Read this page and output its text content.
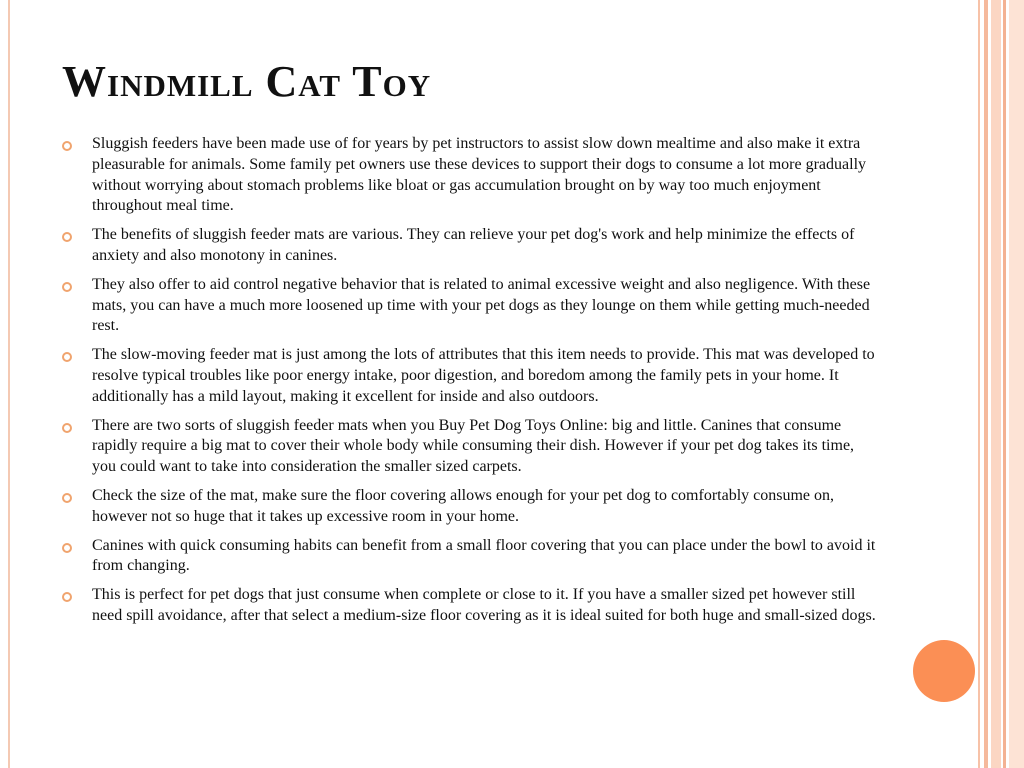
Windmill Cat Toy
Sluggish feeders have been made use of for years by pet instructors to assist slow down mealtime and also make it extra pleasurable for animals. Some family pet owners use these devices to support their dogs to consume a lot more gradually without worrying about stomach problems like bloat or gas accumulation brought on by way too much enjoyment throughout meal time.
The benefits of sluggish feeder mats are various. They can relieve your pet dog's work and help minimize the effects of anxiety and also monotony in canines.
They also offer to aid control negative behavior that is related to animal excessive weight and also negligence. With these mats, you can have a much more loosened up time with your pet dogs as they lounge on them while getting much-needed rest.
The slow-moving feeder mat is just among the lots of attributes that this item needs to provide. This mat was developed to resolve typical troubles like poor energy intake, poor digestion, and boredom among the family pets in your home. It additionally has a mild layout, making it excellent for inside and also outdoors.
There are two sorts of sluggish feeder mats when you Buy Pet Dog Toys Online: big and little. Canines that consume rapidly require a big mat to cover their whole body while consuming their dish. However if your pet dog takes its time, you could want to take into consideration the smaller sized carpets.
Check the size of the mat, make sure the floor covering allows enough for your pet dog to comfortably consume on, however not so huge that it takes up excessive room in your home.
Canines with quick consuming habits can benefit from a small floor covering that you can place under the bowl to avoid it from changing.
This is perfect for pet dogs that just consume when complete or close to it. If you have a smaller sized pet however still need spill avoidance, after that select a medium-size floor covering as it is ideal suited for both huge and small-sized dogs.
